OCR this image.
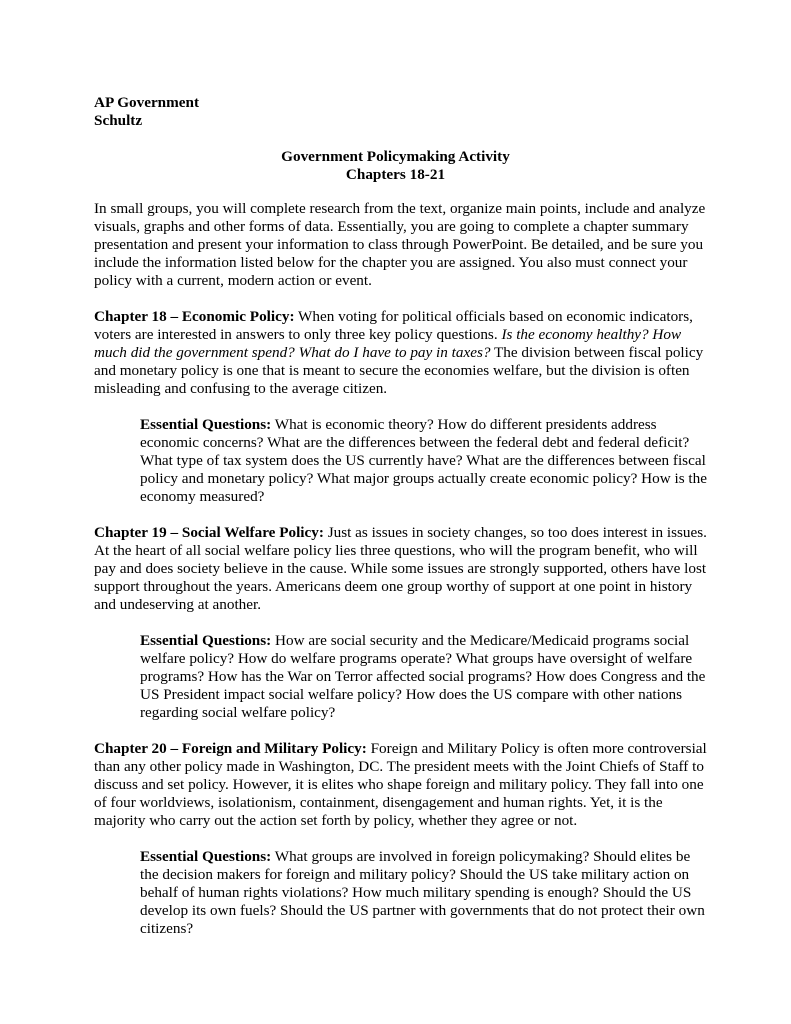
AP Government
Schultz
Government Policymaking Activity
Chapters 18-21

In small groups, you will complete research from the text, organize main points, include and analyze visuals, graphs and other forms of data. Essentially, you are going to complete a chapter summary presentation and present your information to class through PowerPoint. Be detailed, and be sure you include the information listed below for the chapter you are assigned. You also must connect your policy with a current, modern action or event.

Chapter 18 – Economic Policy: When voting for political officials based on economic indicators, voters are interested in answers to only three key policy questions. Is the economy healthy? How much did the government spend? What do I have to pay in taxes? The division between fiscal policy and monetary policy is one that is meant to secure the economies welfare, but the division is often misleading and confusing to the average citizen.

Essential Questions: What is economic theory? How do different presidents address economic concerns? What are the differences between the federal debt and federal deficit? What type of tax system does the US currently have? What are the differences between fiscal policy and monetary policy? What major groups actually create economic policy? How is the economy measured?

Chapter 19 – Social Welfare Policy: Just as issues in society changes, so too does interest in issues. At the heart of all social welfare policy lies three questions, who will the program benefit, who will pay and does society believe in the cause. While some issues are strongly supported, others have lost support throughout the years. Americans deem one group worthy of support at one point in history and undeserving at another.

Essential Questions: How are social security and the Medicare/Medicaid programs social welfare policy? How do welfare programs operate? What groups have oversight of welfare programs? How has the War on Terror affected social programs? How does Congress and the US President impact social welfare policy? How does the US compare with other nations regarding social welfare policy?

Chapter 20 – Foreign and Military Policy: Foreign and Military Policy is often more controversial than any other policy made in Washington, DC. The president meets with the Joint Chiefs of Staff to discuss and set policy. However, it is elites who shape foreign and military policy. They fall into one of four worldviews, isolationism, containment, disengagement and human rights. Yet, it is the majority who carry out the action set forth by policy, whether they agree or not.

Essential Questions: What groups are involved in foreign policymaking? Should elites be the decision makers for foreign and military policy? Should the US take military action on behalf of human rights violations? How much military spending is enough? Should the US develop its own fuels? Should the US partner with governments that do not protect their own citizens?
